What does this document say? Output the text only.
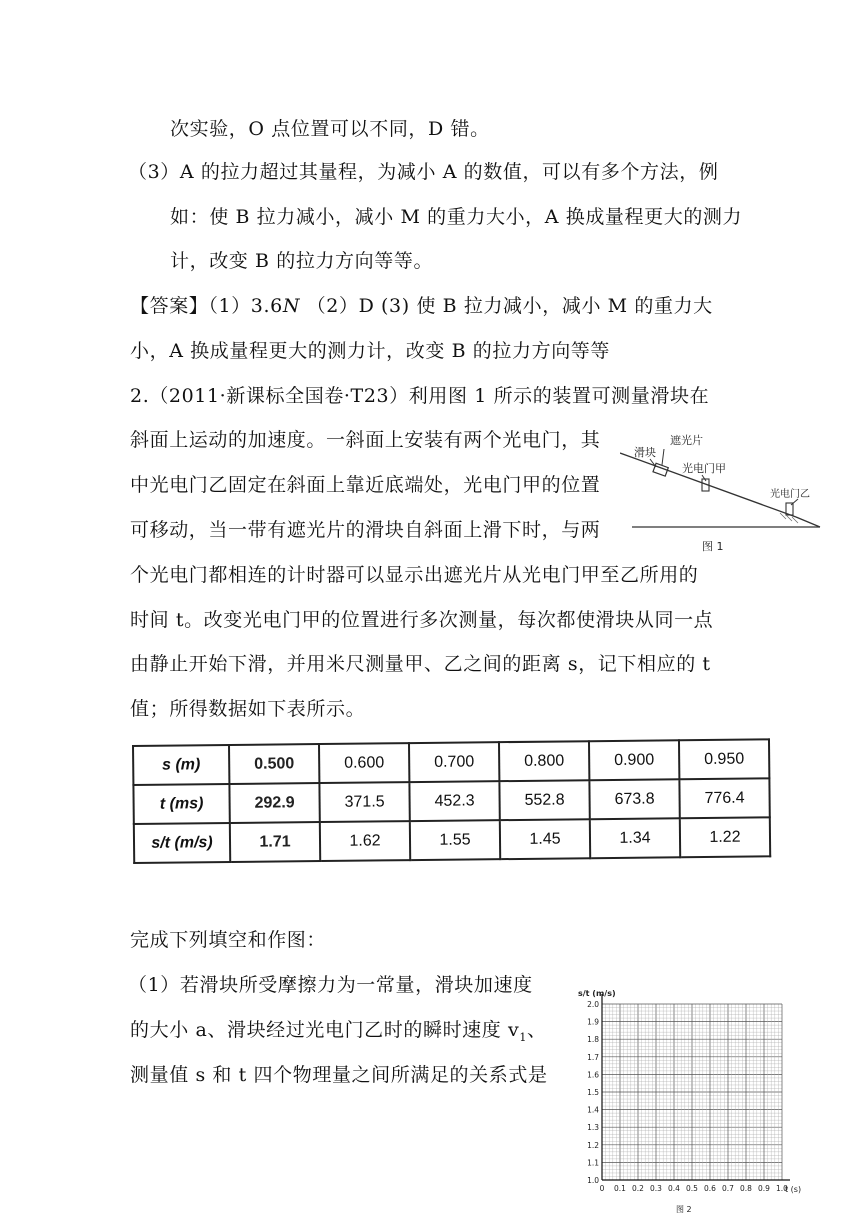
次实验，O 点位置可以不同，D 错。
（3）A 的拉力超过其量程，为减小 A 的数值，可以有多个方法，例
如：使 B 拉力减小，减小 M 的重力大小，A 换成量程更大的测力
计，改变 B 的拉力方向等等。
【答案】（1）3.6N （2）D (3) 使 B 拉力减小，减小 M 的重力大
小，A 换成量程更大的测力计，改变 B 的拉力方向等等
2.（2011·新课标全国卷·T23）利用图 1 所示的装置可测量滑块在
斜面上运动的加速度。一斜面上安装有两个光电门，其
中光电门乙固定在斜面上靠近底端处，光电门甲的位置
可移动，当一带有遮光片的滑块自斜面上滑下时，与两
个光电门都相连的计时器可以显示出遮光片从光电门甲至乙所用的
时间 t。改变光电门甲的位置进行多次测量，每次都使滑块从同一点
由静止开始下滑，并用米尺测量甲、乙之间的距离 s，记下相应的 t
值；所得数据如下表所示。
完成下列填空和作图：
（1）若滑块所受摩擦力为一常量，滑块加速度
的大小 a、滑块经过光电门乙时的瞬时速度 $v_1$、
测量值 s 和 t 四个物理量之间所满足的关系式是
遮光片
滑块
光电门甲
光电门乙
图 1
s (m)	0.500	0.600	0.700	0.800	0.900	0.950
t (ms)	292.9	371.5	452.3	552.8	673.8	776.4
s/t (m/s)	1.71	1.62	1.55	1.45	1.34	1.22
0 0.1 0.2 0.3 0.4 0.5 0.6 0.7 0.8 0.9 1.0
1.0
1.1
1.2
1.3
1.4
1.5
1.6
1.7
1.8
1.9
2.0
s/t (m/s)
t (s)
图 2
